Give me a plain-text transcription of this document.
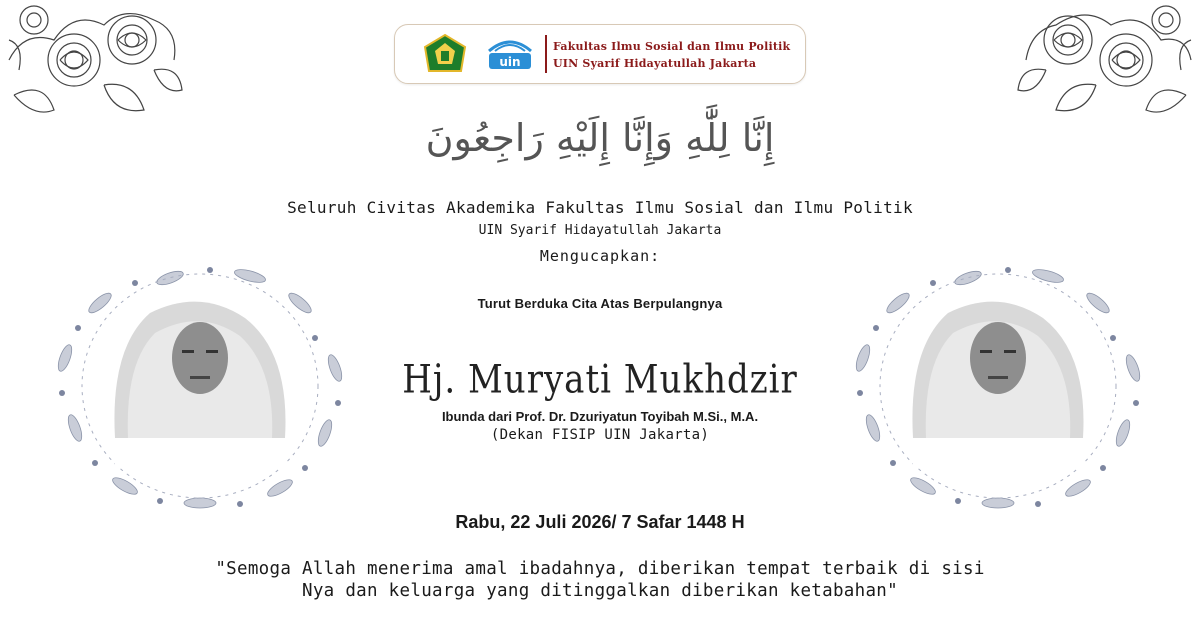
uin
Fakultas Ilmu Sosial dan Ilmu Politik
UIN Syarif Hidayatullah Jakarta
إِنَّا لِلَّٰهِ وَإِنَّا إِلَيْهِ رَاجِعُونَ
Seluruh Civitas Akademika Fakultas Ilmu Sosial dan Ilmu Politik
UIN Syarif Hidayatullah Jakarta
Mengucapkan:
Turut Berduka Cita Atas Berpulangnya
Hj. Muryati Mukhdzir
Ibunda dari Prof. Dr. Dzuriyatun Toyibah M.Si., M.A.
(Dekan FISIP UIN Jakarta)
Rabu, 22 Juli 2026/ 7 Safar 1448 H
"Semoga Allah menerima amal ibadahnya, diberikan tempat terbaik di sisi
Nya dan keluarga yang ditinggalkan diberikan ketabahan"
